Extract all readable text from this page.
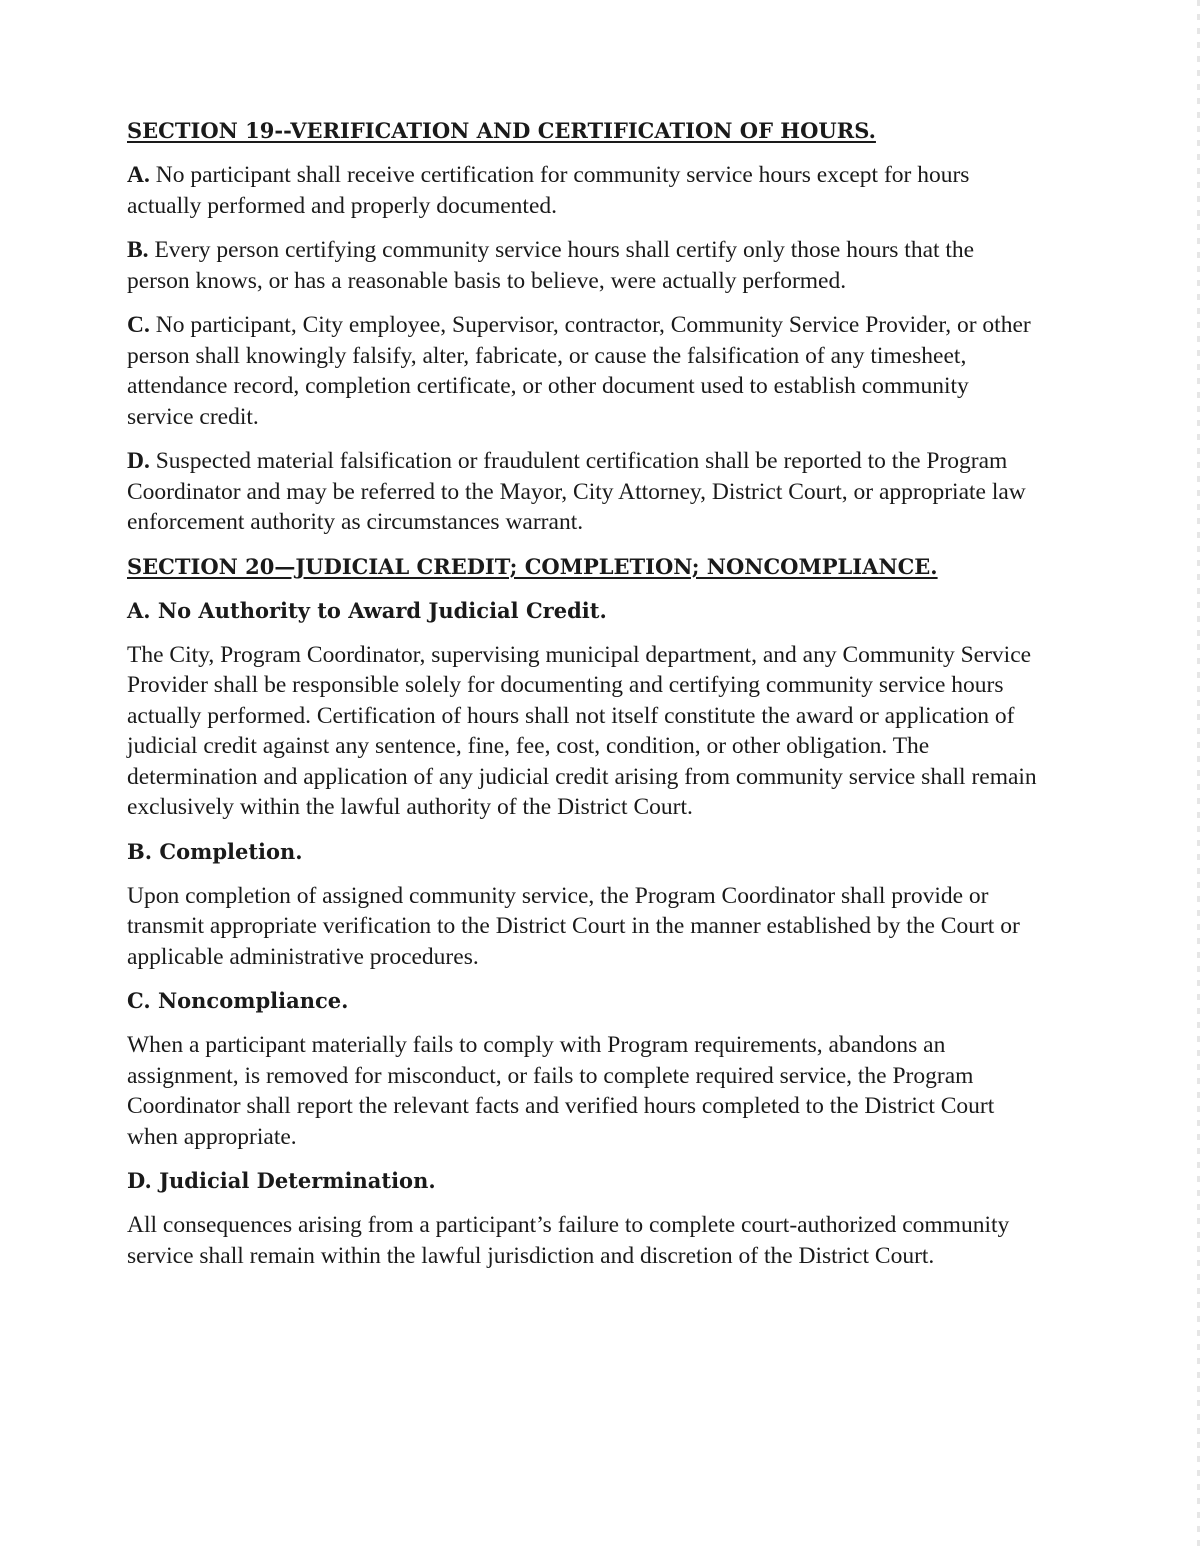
SECTION 19--VERIFICATION AND CERTIFICATION OF HOURS.

A. No participant shall receive certification for community service hours except for hours actually performed and properly documented.

B. Every person certifying community service hours shall certify only those hours that the person knows, or has a reasonable basis to believe, were actually performed.

C. No participant, City employee, Supervisor, contractor, Community Service Provider, or other person shall knowingly falsify, alter, fabricate, or cause the falsification of any timesheet, attendance record, completion certificate, or other document used to establish community service credit.

D. Suspected material falsification or fraudulent certification shall be reported to the Program Coordinator and may be referred to the Mayor, City Attorney, District Court, or appropriate law enforcement authority as circumstances warrant.

SECTION 20—JUDICIAL CREDIT; COMPLETION; NONCOMPLIANCE.
A. No Authority to Award Judicial Credit.

The City, Program Coordinator, supervising municipal department, and any Community Service Provider shall be responsible solely for documenting and certifying community service hours actually performed. Certification of hours shall not itself constitute the award or application of judicial credit against any sentence, fine, fee, cost, condition, or other obligation. The determination and application of any judicial credit arising from community service shall remain exclusively within the lawful authority of the District Court.

B. Completion.

Upon completion of assigned community service, the Program Coordinator shall provide or transmit appropriate verification to the District Court in the manner established by the Court or applicable administrative procedures.

C. Noncompliance.

When a participant materially fails to comply with Program requirements, abandons an assignment, is removed for misconduct, or fails to complete required service, the Program Coordinator shall report the relevant facts and verified hours completed to the District Court when appropriate.

D. Judicial Determination.

All consequences arising from a participant’s failure to complete court-authorized community service shall remain within the lawful jurisdiction and discretion of the District Court.
